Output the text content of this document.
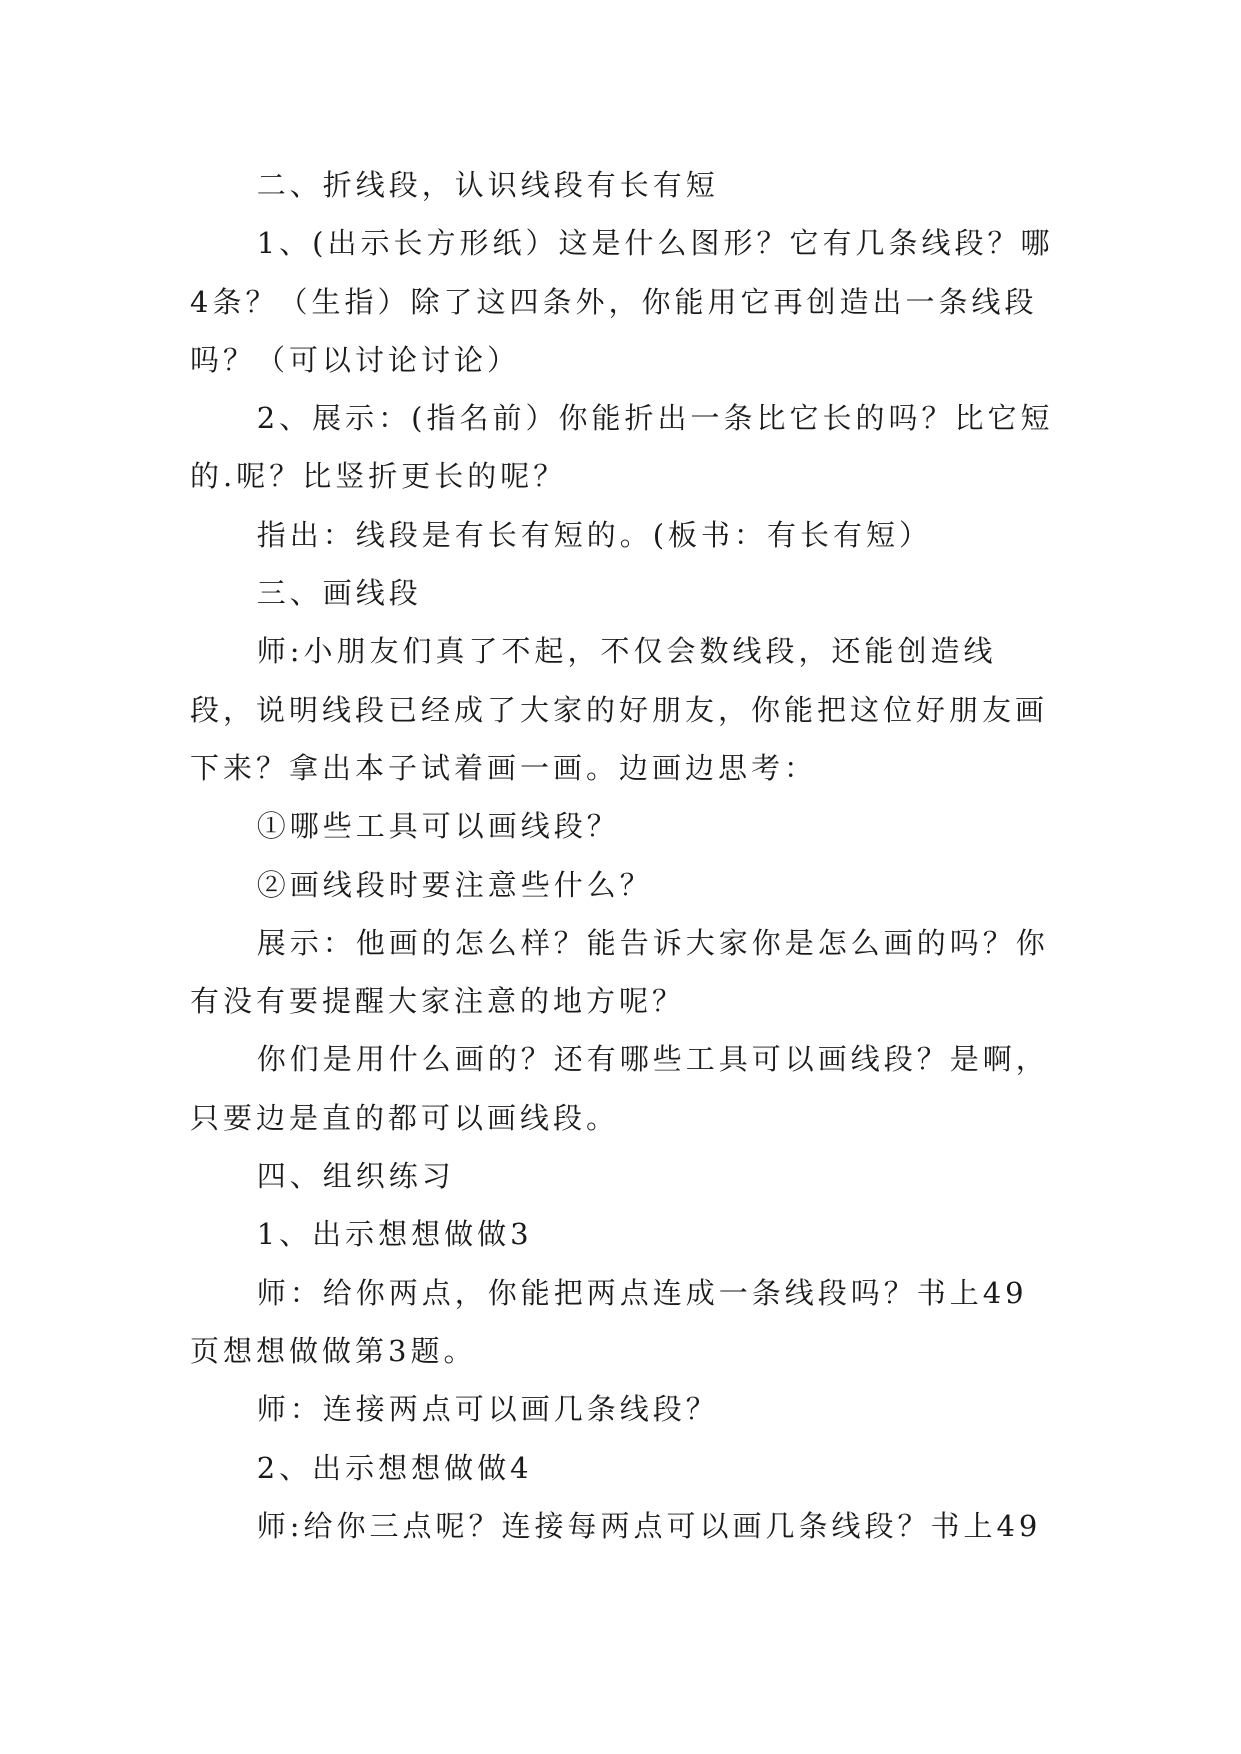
二、折线段，认识线段有长有短

1、(出示长方形纸）这是什么图形？它有几条线段？哪4条？（生指）除了这四条外，你能用它再创造出一条线段吗？（可以讨论讨论）

2、展示：(指名前）你能折出一条比它长的吗？比它短的.呢？比竖折更长的呢？

指出：线段是有长有短的。(板书：有长有短）

三、画线段

师:小朋友们真了不起，不仅会数线段，还能创造线段，说明线段已经成了大家的好朋友，你能把这位好朋友画下来？拿出本子试着画一画。边画边思考：

①哪些工具可以画线段？

②画线段时要注意些什么？

展示：他画的怎么样？能告诉大家你是怎么画的吗？你有没有要提醒大家注意的地方呢？

你们是用什么画的？还有哪些工具可以画线段？是啊，只要边是直的都可以画线段。

四、组织练习

1、出示想想做做3

师：给你两点，你能把两点连成一条线段吗？书上49页想想做做第3题。

师：连接两点可以画几条线段？

2、出示想想做做4

师:给你三点呢？连接每两点可以画几条线段？书上49
